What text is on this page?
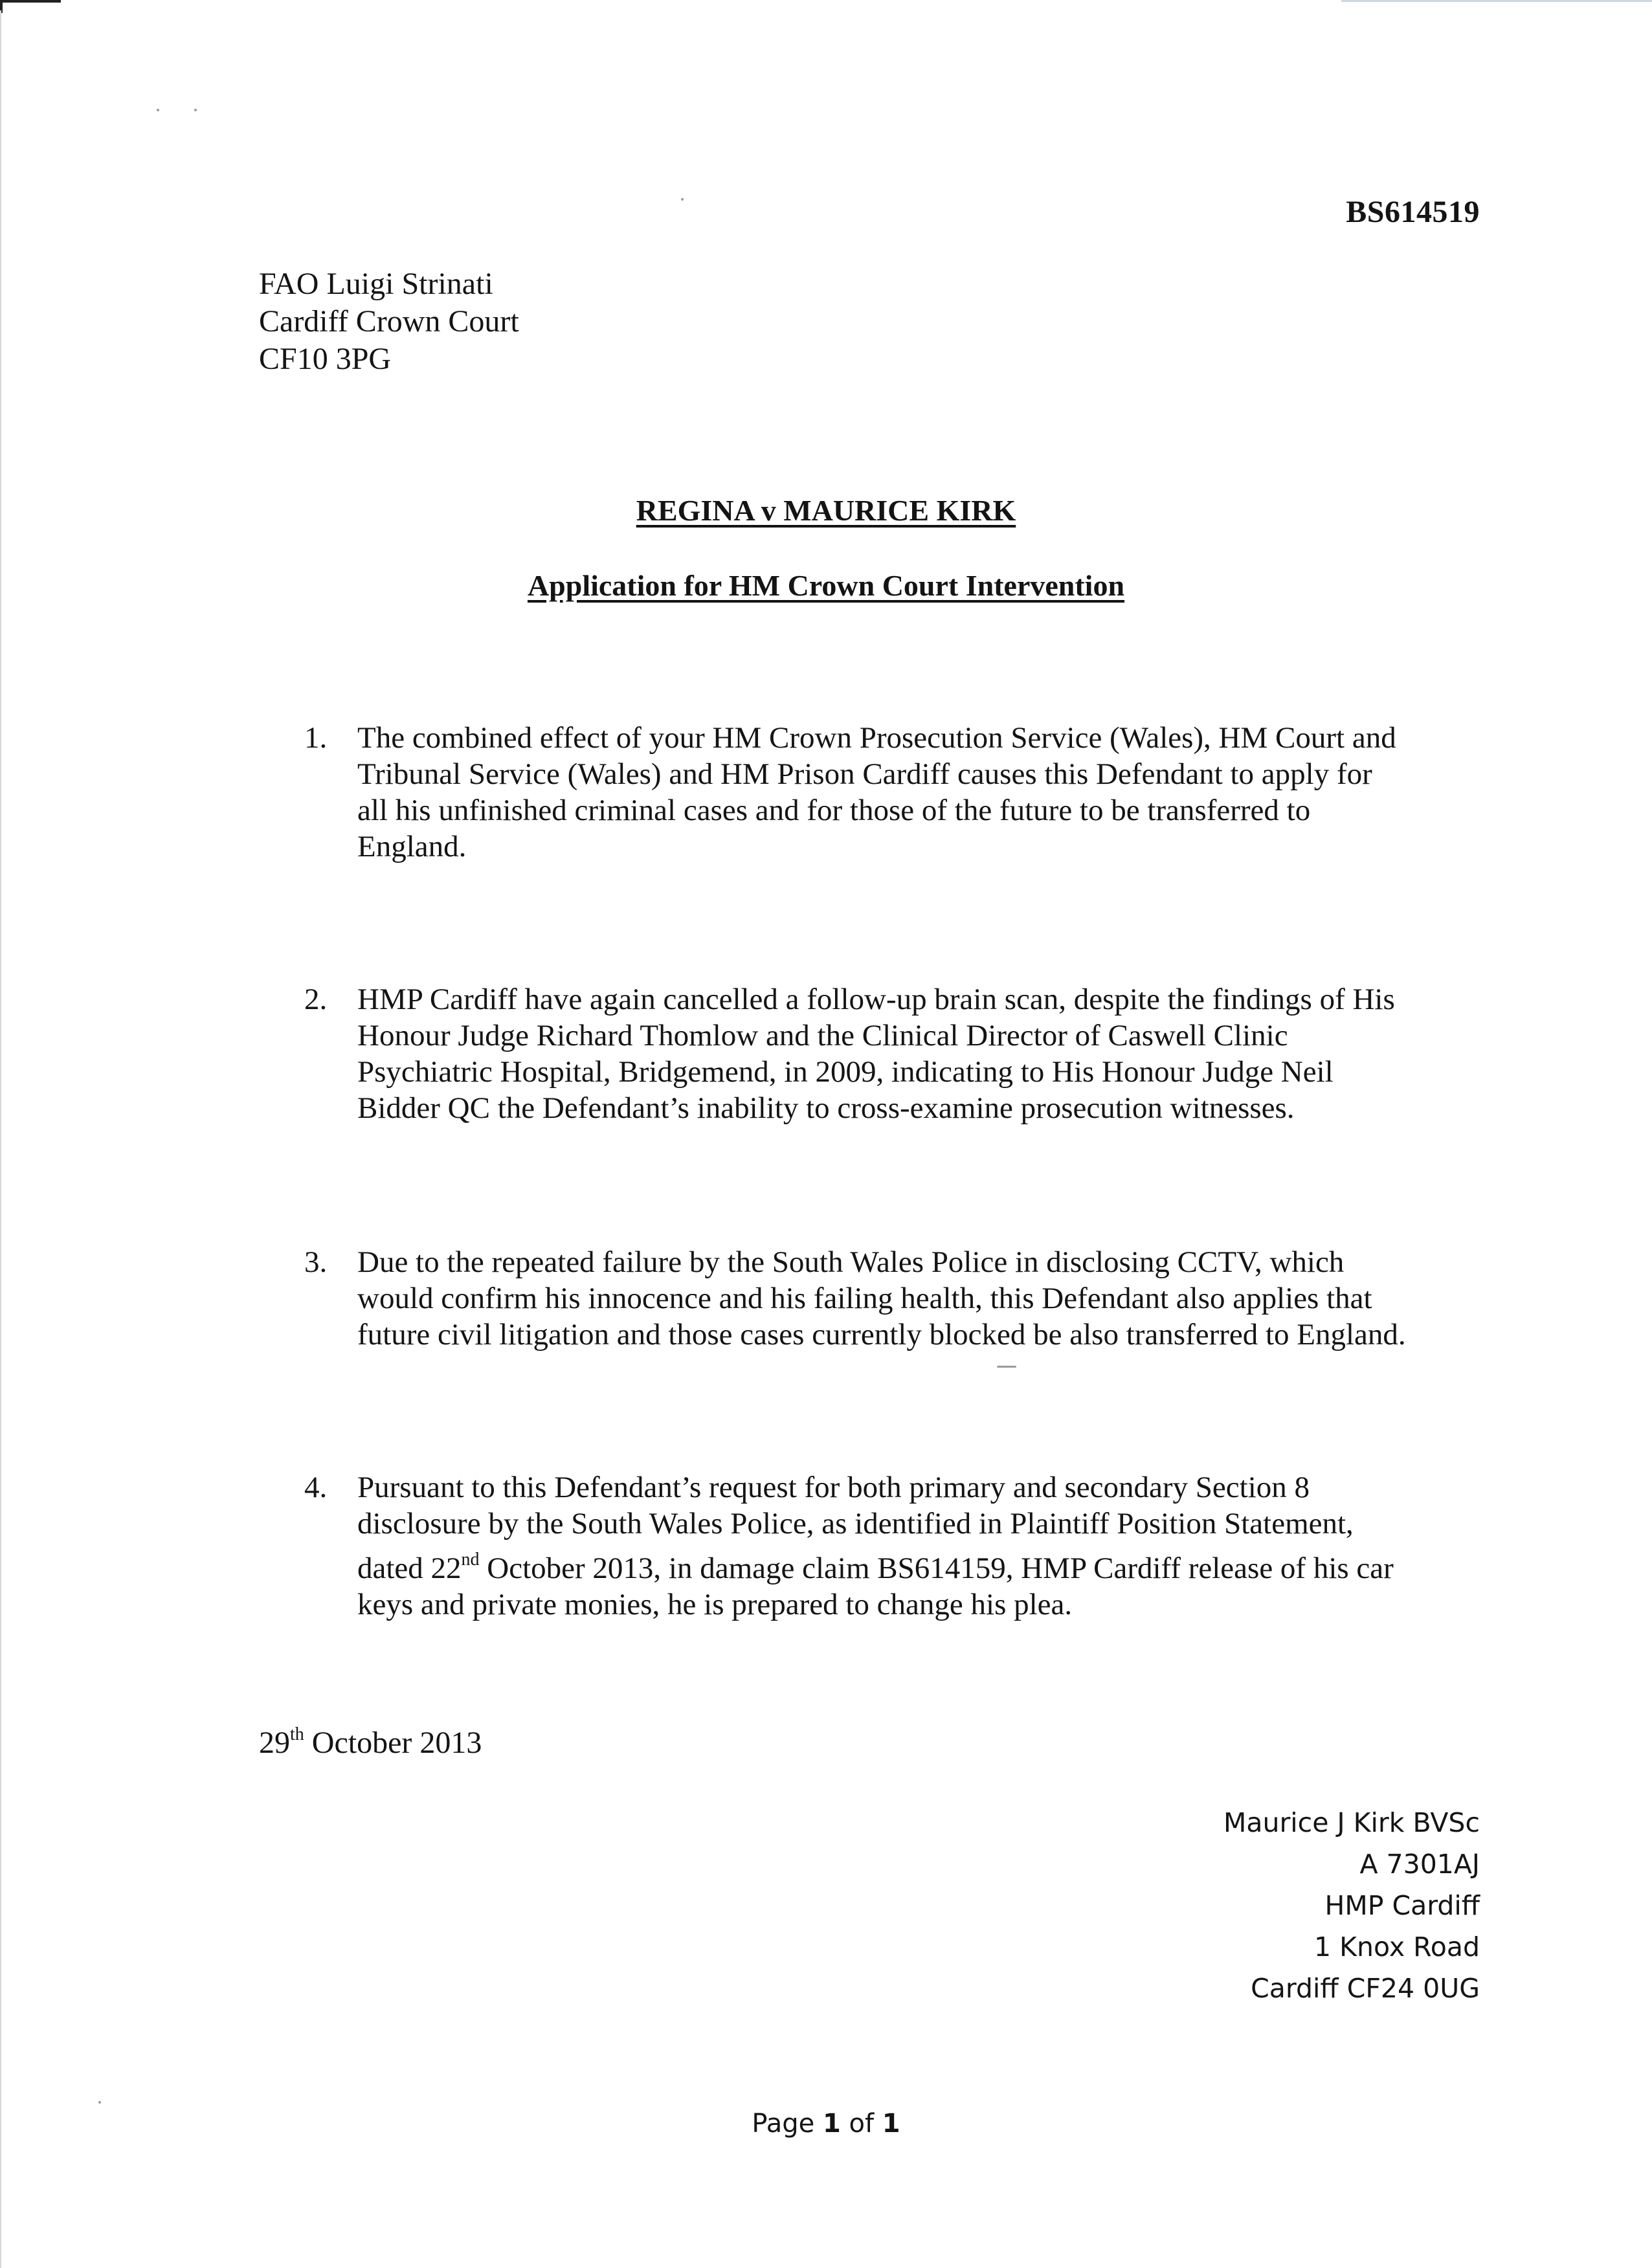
BS614519
FAO Luigi Strinati
Cardiff Crown Court
CF10 3PG
REGINA v MAURICE KIRK
Application for HM Crown Court Intervention
1. The combined effect of your HM Crown Prosecution Service (Wales), HM Court and
Tribunal Service (Wales) and HM Prison Cardiff causes this Defendant to apply for
all his unfinished criminal cases and for those of the future to be transferred to
England.
2. HMP Cardiff have again cancelled a follow-up brain scan, despite the findings of His
Honour Judge Richard Thomlow and the Clinical Director of Caswell Clinic
Psychiatric Hospital, Bridgemend, in 2009, indicating to His Honour Judge Neil
Bidder QC the Defendant’s inability to cross-examine prosecution witnesses.
3. Due to the repeated failure by the South Wales Police in disclosing CCTV, which
would confirm his innocence and his failing health, this Defendant also applies that
future civil litigation and those cases currently blocked be also transferred to England.
4. Pursuant to this Defendant’s request for both primary and secondary Section 8
disclosure by the South Wales Police, as identified in Plaintiff Position Statement,
dated 22nd October 2013, in damage claim BS614159, HMP Cardiff release of his car
keys and private monies, he is prepared to change his plea.
29th October 2013
Maurice J Kirk BVSc
A 7301AJ
HMP Cardiff
1 Knox Road
Cardiff CF24 0UG
Page 1 of 1
